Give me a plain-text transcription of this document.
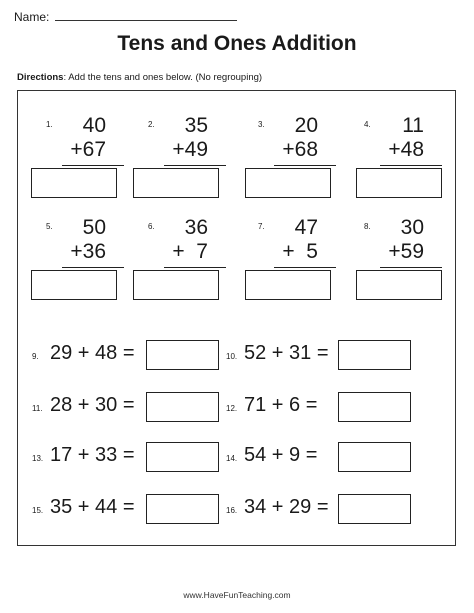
Name:
Tens and Ones Addition
Directions: Add the tens and ones below. (No regrouping)
1. 40
+67
2. 35
+49
3. 20
+68
4. 11
+48
5. 50
+36
6. 36
+  7
7. 47
+  5
8. 30
+59
9. 29 + 48 =	10. 52 + 31 =
11. 28 + 30 =	12. 71 + 6 =
13. 17 + 33 =	14. 54 + 9 =
15. 35 + 44 =	16. 34 + 29 =
www.HaveFunTeaching.com
